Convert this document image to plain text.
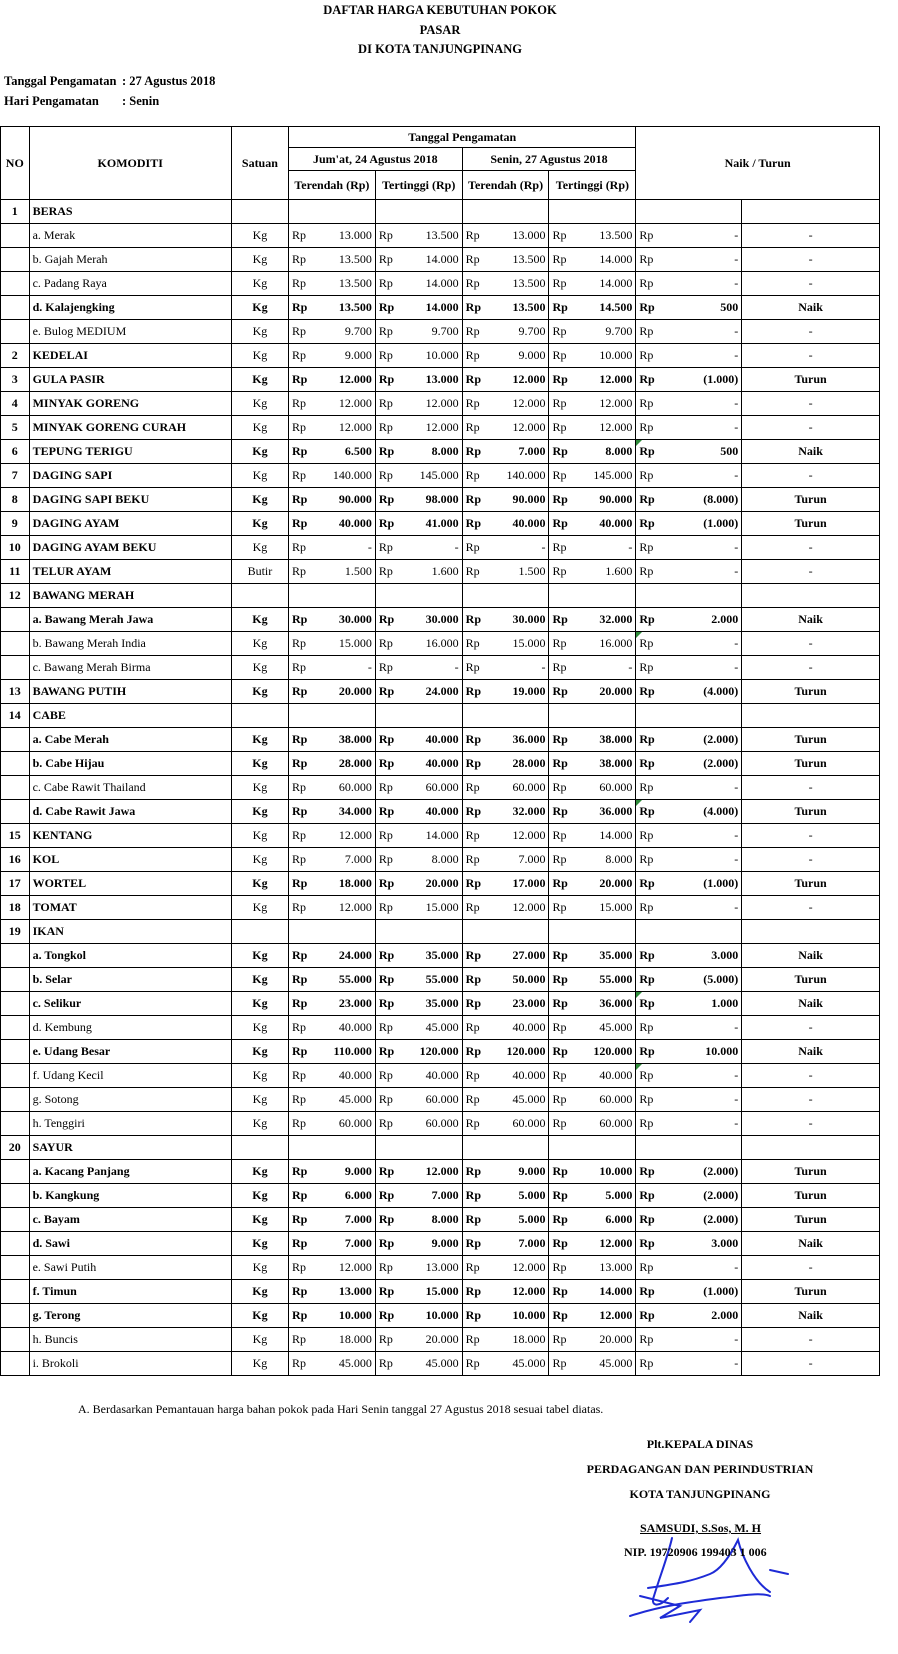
DAFTAR HARGA KEBUTUHAN POKOK
PASAR
DI KOTA TANJUNGPINANG
Tanggal Pengamatan : 27 Agustus 2018
Hari Pengamatan : Senin
NO	KOMODITI	Satuan	Tanggal Pengamatan								Naik / Turun		
			Jum'at, 24 Agustus 2018				Senin, 27 Agustus 2018						
			Terendah (Rp)		Tertinggi (Rp)		Terendah (Rp)		Tertinggi (Rp)				
1	BERAS												
	a. Merak	Kg	Rp	13.000	Rp	13.500	Rp	13.000	Rp	13.500	Rp	-	-
	b. Gajah Merah	Kg	Rp	13.500	Rp	14.000	Rp	13.500	Rp	14.000	Rp	-	-
	c. Padang Raya	Kg	Rp	13.500	Rp	14.000	Rp	13.500	Rp	14.000	Rp	-	-
	d. Kalajengking	Kg	Rp	13.500	Rp	14.000	Rp	13.500	Rp	14.500	Rp	500	Naik
	e. Bulog MEDIUM	Kg	Rp	9.700	Rp	9.700	Rp	9.700	Rp	9.700	Rp	-	-
2	KEDELAI	Kg	Rp	9.000	Rp	10.000	Rp	9.000	Rp	10.000	Rp	-	-
3	GULA PASIR	Kg	Rp	12.000	Rp	13.000	Rp	12.000	Rp	12.000	Rp	(1.000)	Turun
4	MINYAK GORENG	Kg	Rp	12.000	Rp	12.000	Rp	12.000	Rp	12.000	Rp	-	-
5	MINYAK GORENG CURAH	Kg	Rp	12.000	Rp	12.000	Rp	12.000	Rp	12.000	Rp	-	-
6	TEPUNG TERIGU	Kg	Rp	6.500	Rp	8.000	Rp	7.000	Rp	8.000	Rp	500	Naik
7	DAGING SAPI	Kg	Rp	140.000	Rp	145.000	Rp	140.000	Rp	145.000	Rp	-	-
8	DAGING SAPI BEKU	Kg	Rp	90.000	Rp	98.000	Rp	90.000	Rp	90.000	Rp	(8.000)	Turun
9	DAGING AYAM	Kg	Rp	40.000	Rp	41.000	Rp	40.000	Rp	40.000	Rp	(1.000)	Turun
10	DAGING AYAM BEKU	Kg	Rp	-	Rp	-	Rp	-	Rp	-	Rp	-	-
11	TELUR AYAM	Butir	Rp	1.500	Rp	1.600	Rp	1.500	Rp	1.600	Rp	-	-
12	BAWANG MERAH												
	a. Bawang Merah Jawa	Kg	Rp	30.000	Rp	30.000	Rp	30.000	Rp	32.000	Rp	2.000	Naik
	b. Bawang Merah India	Kg	Rp	15.000	Rp	16.000	Rp	15.000	Rp	16.000	Rp	-	-
	c. Bawang Merah Birma	Kg	Rp	-	Rp	-	Rp	-	Rp	-	Rp	-	-
13	BAWANG PUTIH	Kg	Rp	20.000	Rp	24.000	Rp	19.000	Rp	20.000	Rp	(4.000)	Turun
14	CABE												
	a. Cabe Merah	Kg	Rp	38.000	Rp	40.000	Rp	36.000	Rp	38.000	Rp	(2.000)	Turun
	b. Cabe Hijau	Kg	Rp	28.000	Rp	40.000	Rp	28.000	Rp	38.000	Rp	(2.000)	Turun
	c. Cabe Rawit Thailand	Kg	Rp	60.000	Rp	60.000	Rp	60.000	Rp	60.000	Rp	-	-
	d. Cabe Rawit Jawa	Kg	Rp	34.000	Rp	40.000	Rp	32.000	Rp	36.000	Rp	(4.000)	Turun
15	KENTANG	Kg	Rp	12.000	Rp	14.000	Rp	12.000	Rp	14.000	Rp	-	-
16	KOL	Kg	Rp	7.000	Rp	8.000	Rp	7.000	Rp	8.000	Rp	-	-
17	WORTEL	Kg	Rp	18.000	Rp	20.000	Rp	17.000	Rp	20.000	Rp	(1.000)	Turun
18	TOMAT	Kg	Rp	12.000	Rp	15.000	Rp	12.000	Rp	15.000	Rp	-	-
19	IKAN												
	a. Tongkol	Kg	Rp	24.000	Rp	35.000	Rp	27.000	Rp	35.000	Rp	3.000	Naik
	b. Selar	Kg	Rp	55.000	Rp	55.000	Rp	50.000	Rp	55.000	Rp	(5.000)	Turun
	c. Selikur	Kg	Rp	23.000	Rp	35.000	Rp	23.000	Rp	36.000	Rp	1.000	Naik
	d. Kembung	Kg	Rp	40.000	Rp	45.000	Rp	40.000	Rp	45.000	Rp	-	-
	e. Udang Besar	Kg	Rp	110.000	Rp	120.000	Rp	120.000	Rp	120.000	Rp	10.000	Naik
	f. Udang Kecil	Kg	Rp	40.000	Rp	40.000	Rp	40.000	Rp	40.000	Rp	-	-
	g. Sotong	Kg	Rp	45.000	Rp	60.000	Rp	45.000	Rp	60.000	Rp	-	-
	h. Tenggiri	Kg	Rp	60.000	Rp	60.000	Rp	60.000	Rp	60.000	Rp	-	-
20	SAYUR												
	a. Kacang Panjang	Kg	Rp	9.000	Rp	12.000	Rp	9.000	Rp	10.000	Rp	(2.000)	Turun
	b. Kangkung	Kg	Rp	6.000	Rp	7.000	Rp	5.000	Rp	5.000	Rp	(2.000)	Turun
	c. Bayam	Kg	Rp	7.000	Rp	8.000	Rp	5.000	Rp	6.000	Rp	(2.000)	Turun
	d. Sawi	Kg	Rp	7.000	Rp	9.000	Rp	7.000	Rp	12.000	Rp	3.000	Naik
	e. Sawi Putih	Kg	Rp	12.000	Rp	13.000	Rp	12.000	Rp	13.000	Rp	-	-
	f. Timun	Kg	Rp	13.000	Rp	15.000	Rp	12.000	Rp	14.000	Rp	(1.000)	Turun
	g. Terong	Kg	Rp	10.000	Rp	10.000	Rp	10.000	Rp	12.000	Rp	2.000	Naik
	h. Buncis	Kg	Rp	18.000	Rp	20.000	Rp	18.000	Rp	20.000	Rp	-	-
	i. Brokoli	Kg	Rp	45.000	Rp	45.000	Rp	45.000	Rp	45.000	Rp	-	-
A. Berdasarkan Pemantauan harga bahan pokok pada Hari Senin tanggal 27 Agustus 2018 sesuai tabel diatas.
Plt.KEPALA DINAS
PERDAGANGAN DAN PERINDUSTRIAN
KOTA TANJUNGPINANG
SAMSUDI, S.Sos, M. H
NIP. 19720906 199403 1 006
